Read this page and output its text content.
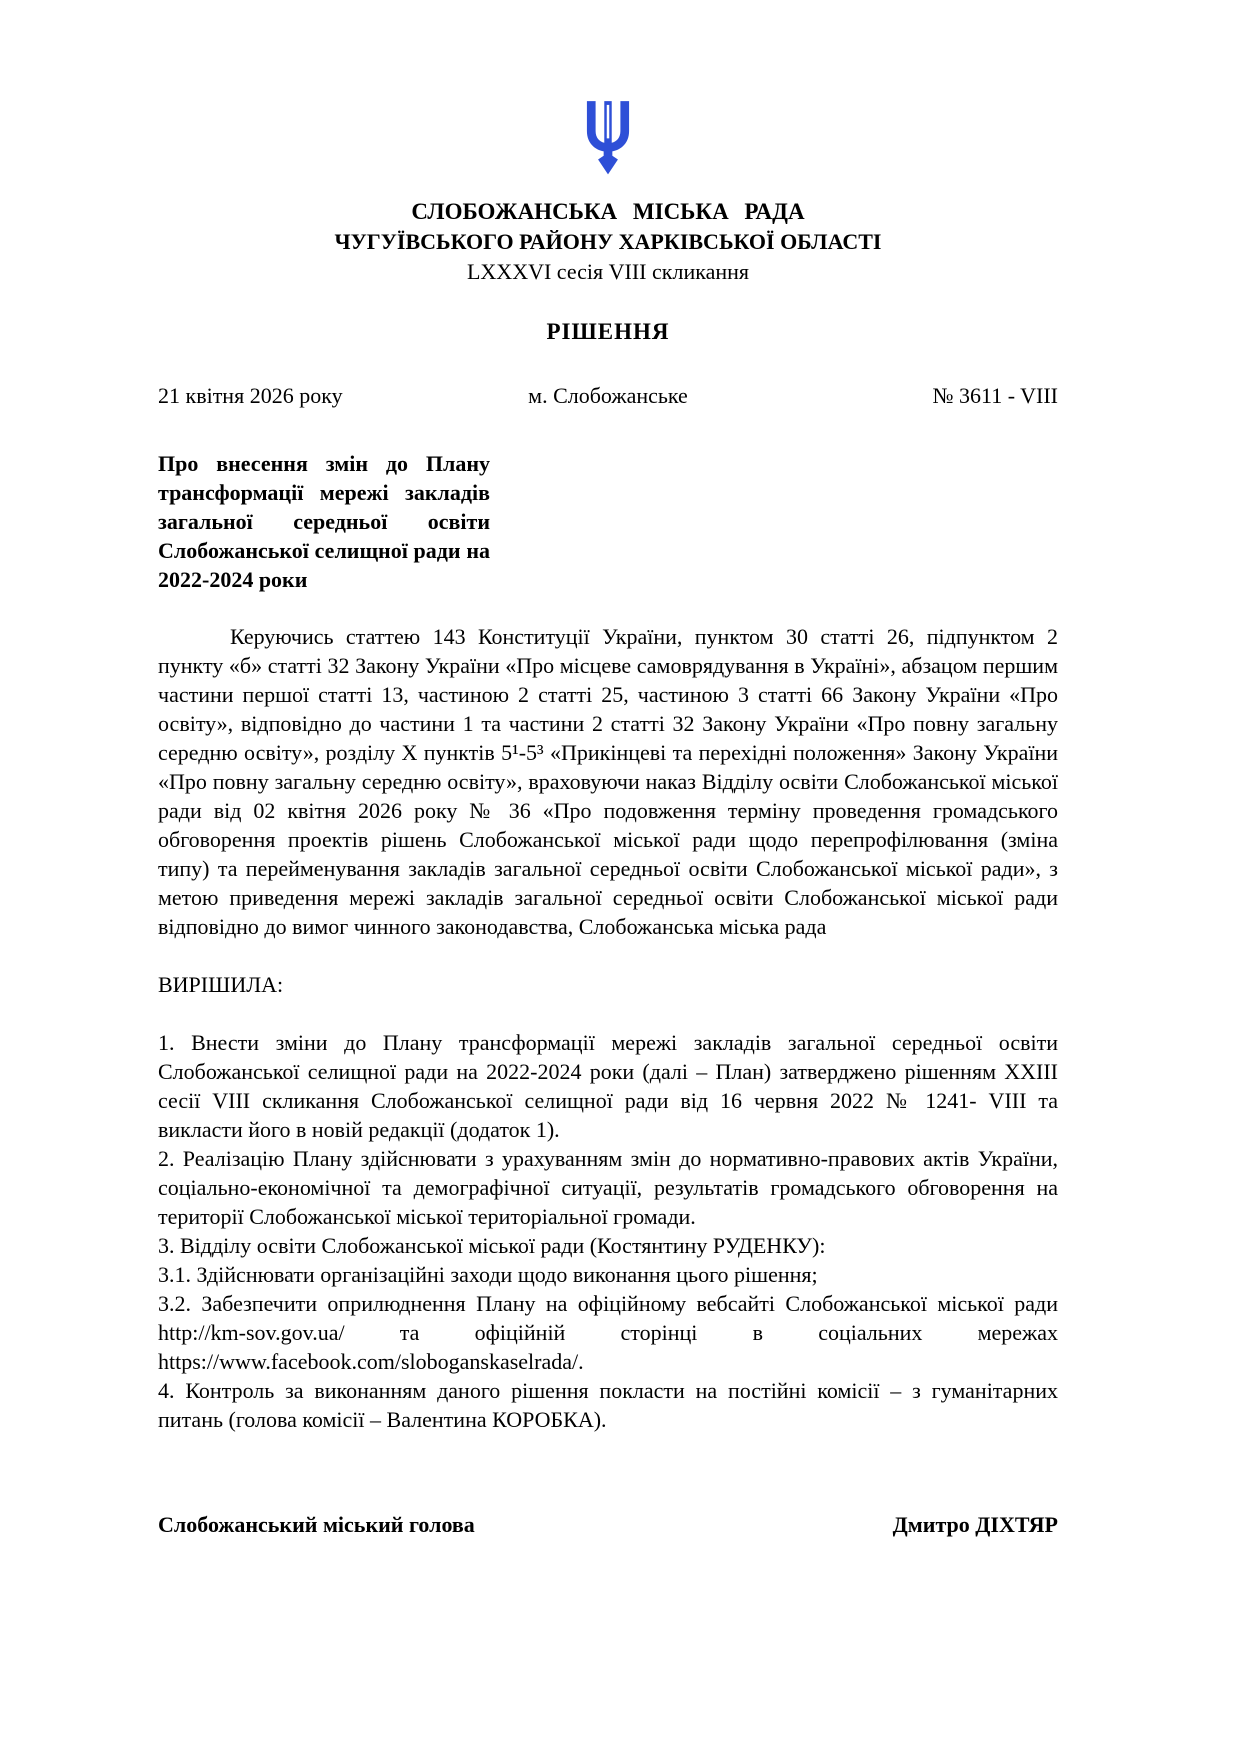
СЛОБОЖАНСЬКА МІСЬКА РАДА
ЧУГУЇВСЬКОГО РАЙОНУ ХАРКІВСЬКОЇ ОБЛАСТІ
LXXXVI сесія VIII скликання
РІШЕННЯ
21 квітня 2026 року	м. Слобожанське	№ 3611 - VIII
Про внесення змін до Плану трансформації мережі закладів загальної середньої освіти Слобожанської селищної ради на 2022-2024 роки

Керуючись статтею 143 Конституції України, пунктом 30 статті 26, підпунктом 2 пункту «б» статті 32 Закону України «Про місцеве самоврядування в Україні», абзацом першим частини першої статті 13, частиною 2 статті 25, частиною 3 статті 66 Закону України «Про освіту», відповідно до частини 1 та частини 2 статті 32 Закону України «Про повну загальну середню освіту», розділу X пунктів 5¹-5³ «Прикінцеві та перехідні положення» Закону України «Про повну загальну середню освіту», враховуючи наказ Відділу освіти Слобожанської міської ради від 02 квітня 2026 року № 36 «Про подовження терміну проведення громадського обговорення проектів рішень Слобожанської міської ради щодо перепрофілювання (зміна типу) та перейменування закладів загальної середньої освіти Слобожанської міської ради», з метою приведення мережі закладів загальної середньої освіти Слобожанської міської ради відповідно до вимог чинного законодавства, Слобожанська міська рада

ВИРІШИЛА:

1. Внести зміни до Плану трансформації мережі закладів загальної середньої освіти Слобожанської селищної ради на 2022-2024 роки (далі – План) затверджено рішенням XXIII сесії VIII скликання Слобожанської селищної ради від 16 червня 2022 № 1241- VIII та викласти його в новій редакції (додаток 1).

2. Реалізацію Плану здійснювати з урахуванням змін до нормативно-правових актів України, соціально-економічної та демографічної ситуації, результатів громадського обговорення на території Слобожанської міської територіальної громади.

3. Відділу освіти Слобожанської міської ради (Костянтину РУДЕНКУ):

3.1. Здійснювати організаційні заходи щодо виконання цього рішення;

3.2. Забезпечити оприлюднення Плану на офіційному вебсайті Слобожанської міської ради http://km-sov.gov.ua/ та офіційній сторінці в соціальних мережах https://www.facebook.com/sloboganskaselrada/.

4. Контроль за виконанням даного рішення покласти на постійні комісії – з гуманітарних питань (голова комісії – Валентина КОРОБКА).

Слобожанський міський голова	Дмитро ДІХТЯР
